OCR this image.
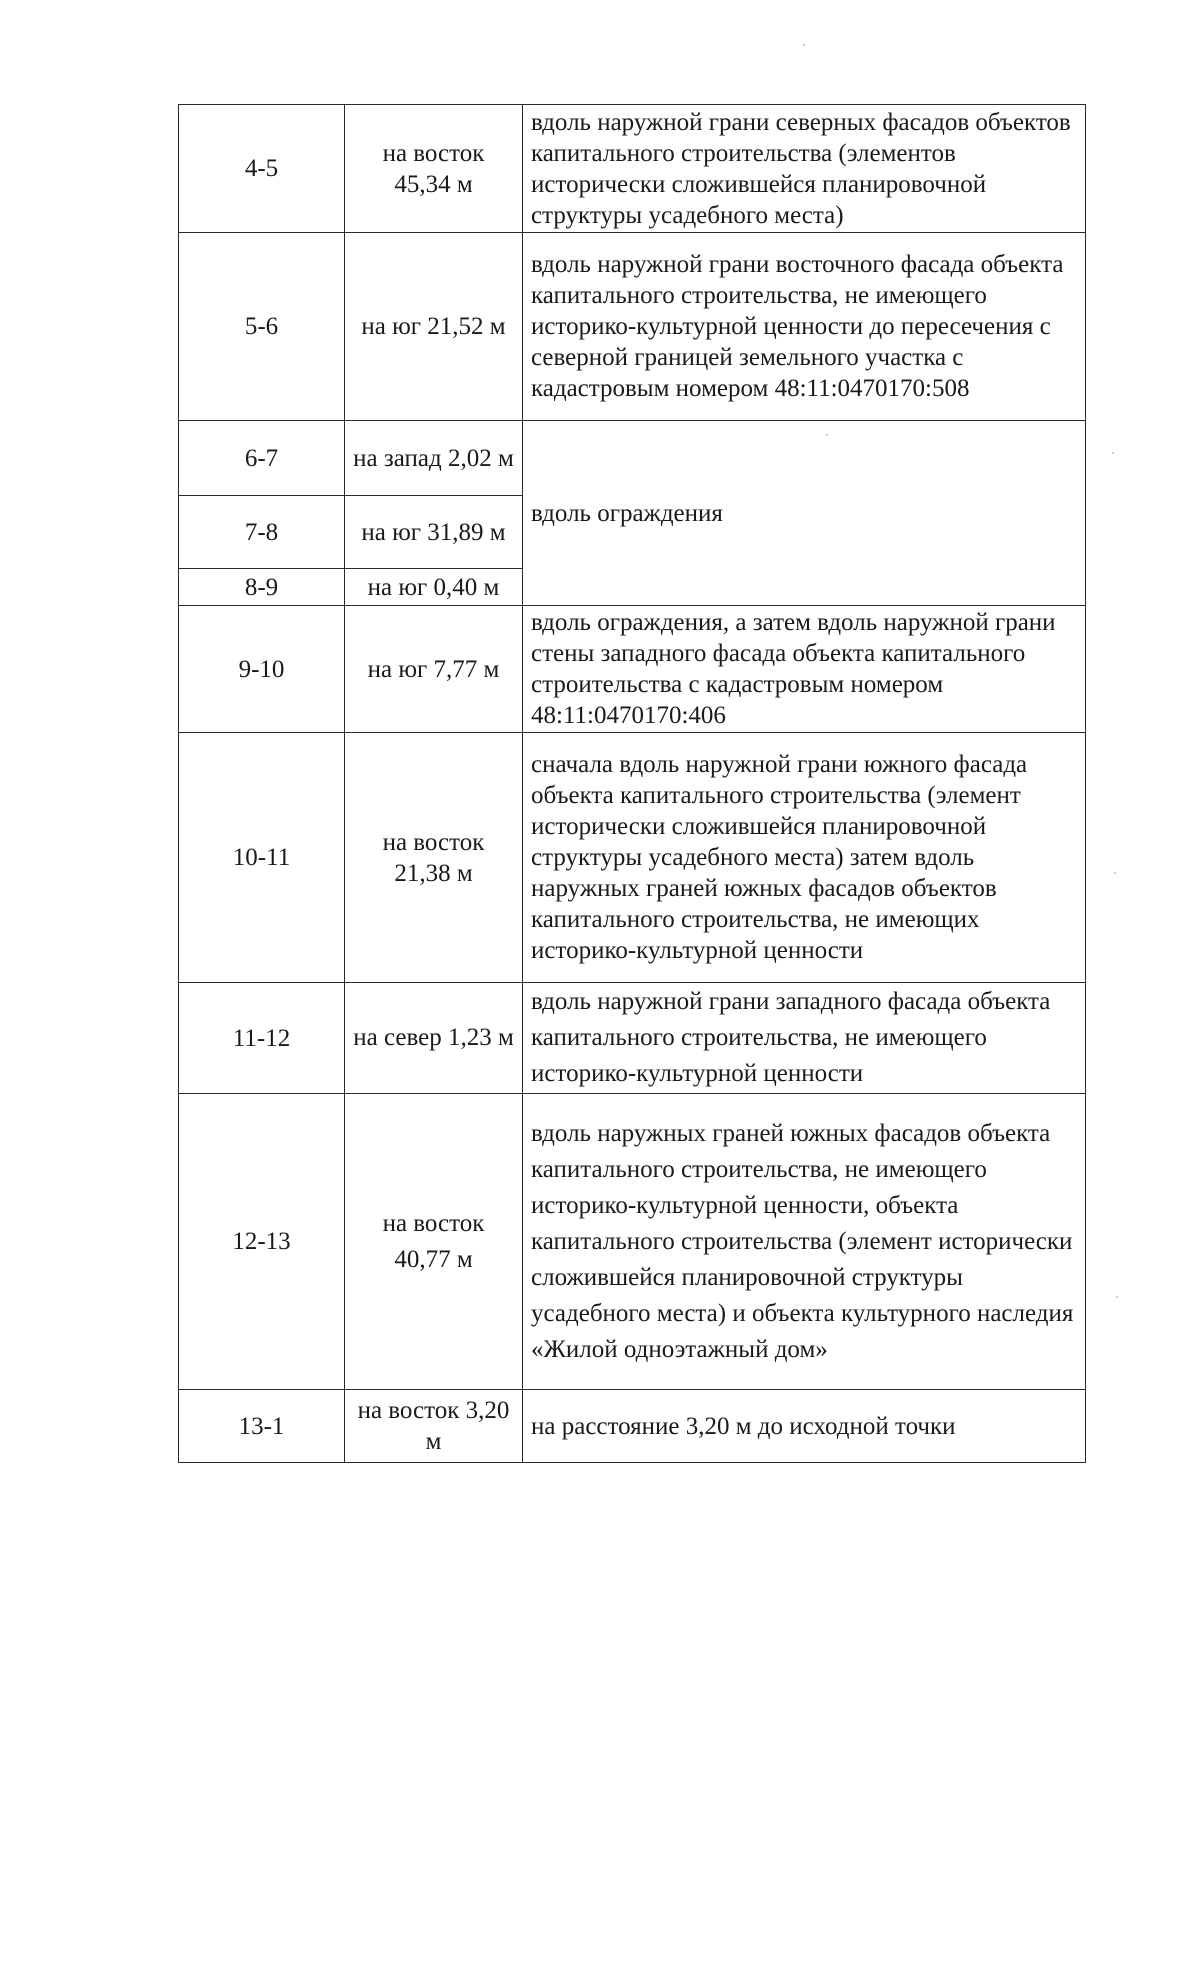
4-5	на восток 45,34 м	вдоль наружной грани северных фасадов объектов капитального строительства (элементов исторически сложившейся планировочной структуры усадебного места)
5-6	на юг 21,52 м	вдоль наружной грани восточного фасада объекта капитального строительства, не имеющего историко-культурной ценности до пересечения с северной границей земельного участка с кадастровым номером 48:11:0470170:508
6-7	на запад 2,02 м	вдоль ограждения
7-8	на юг 31,89 м	
8-9	на юг 0,40 м	
9-10	на юг 7,77 м	вдоль ограждения, а затем вдоль наружной грани стены западного фасада объекта капитального строительства с кадастровым номером 48:11:0470170:406
10-11	на восток 21,38 м	сначала вдоль наружной грани южного фасада объекта капитального строительства (элемент исторически сложившейся планировочной структуры усадебного места) затем вдоль наружных граней южных фасадов объектов капитального строительства, не имеющих историко-культурной ценности
11-12	на север 1,23 м	вдоль наружной грани западного фасада объекта капитального строительства, не имеющего историко-культурной ценности
12-13	на восток 40,77 м	вдоль наружных граней южных фасадов объекта капитального строительства, не имеющего историко-культурной ценности, объекта капитального строительства (элемент исторически сложившейся планировочной структуры усадебного места) и объекта культурного наследия «Жилой одноэтажный дом»
13-1	на восток 3,20 м	на расстояние 3,20 м до исходной точки
